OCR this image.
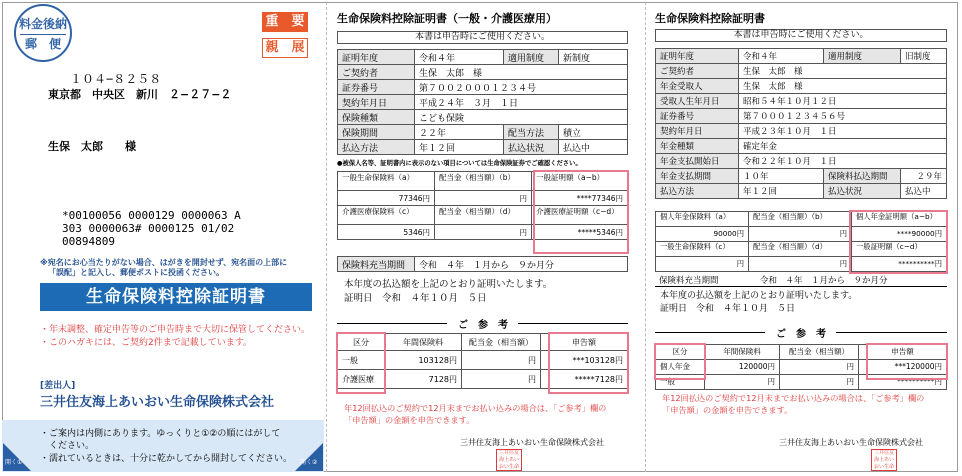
料金後納
郵　便
重　要
親　展
１０４−８２５８
東京都　中央区　新川　２−２７−２
生保　太郎　　様
*00100056 0000129 0000063 A
303 0000063# 0000125 01/02
00894809
※宛名にお心当たりがない場合、はがきを開封せず、宛名面の上部に
「誤配」と記入し、郵便ポストに投函ください。
生命保険料控除証明書
・年末調整、確定申告等のご申告時まで大切に保管してください。
・このハガキには、ご契約2件まで記載しています。
[差出人]
三井住友海上あいおい生命保険株式会社
・ご案内は内側にあります。ゆっくりと①②の順にはがして
　ください。
・濡れているときは、十分に乾かしてから開封してください。
開く①	開く②
生命保険料控除証明書（一般・介護医療用）
本書は申告時にご使用ください。
証明年度	令和４年	適用制度	新制度
ご契約者	生保　太郎　様		
証券番号	第７００２０００１２３４号		
契約年月日	平成２４年　３月　１日		
保険種類	こども保険		
保険期間	２２年	配当方法	積立
払込方法	年１２回	払込状況	払込中
●被保人名等、証明書内に表示のない項目については生命保険証券でご確認ください。
一般生命保険料（a）	配当金（相当額）（b）	一般証明額（a−b）
77346円	円	****77346円
介護医療保険料（c）	配当金（相当額）（d）	介護医療証明額（c−d）
5346円	円	*****5346円
保険料充当期間	令和　４年　１月から　９か月分
本年度の払込額を上記のとおり証明いたします。
証明日　令和　４年１０月　５日
ご　参　考
区分	年間保険料	配当金（相当額）	申告額
一般	103128円	円	***103128円
介護医療	7128円	円	*****7128円
年12回払込のご契約で12月末までお払い込みの場合は、「ご参考」欄の
「申告額」の金額を申告できます。
三井住友海上あいおい生命保険株式会社
三井住友海上あいおい生命
生命保険料控除証明書
本書は申告時にご使用ください。
証明年度	令和４年	適用制度	旧制度
ご契約者	生保　太郎　様		
年金受取人	生保　太郎　様		
受取人生年月日	昭和５４年１０月１２日		
証券番号	第７０００１２３４５６号		
契約年月日	平成２３年１０月　１日		
年金種類	確定年金		
年金支払開始日	令和２２年１０月　１日		
年金支払期間	１０年	保険料払込期間	２９年
払込方法	年１２回	払込状況	払込中
個人年金保険料（a）	配当金（相当額）（b）	個人年金証明額（a−b）
90000円	円	****90000円
一般生命保険料（c）	配当金（相当額）（d）	一般証明額（c−d）
円	円	**********円
保険料充当期間	令和　４年　１月から　９か月分
本年度の払込額を上記のとおり証明いたします。
証明日　令和　４年１０月　５日
ご　参　考
区分	年間保険料	配当金（相当額）	申告額
個人年金	120000円	円	***120000円
一般	円	円	**********円
年12回払込のご契約で12月末までお払い込みの場合は、「ご参考」欄の
「申告額」の金額を申告できます。
三井住友海上あいおい生命保険株式会社
三井住友海上あいおい生命
